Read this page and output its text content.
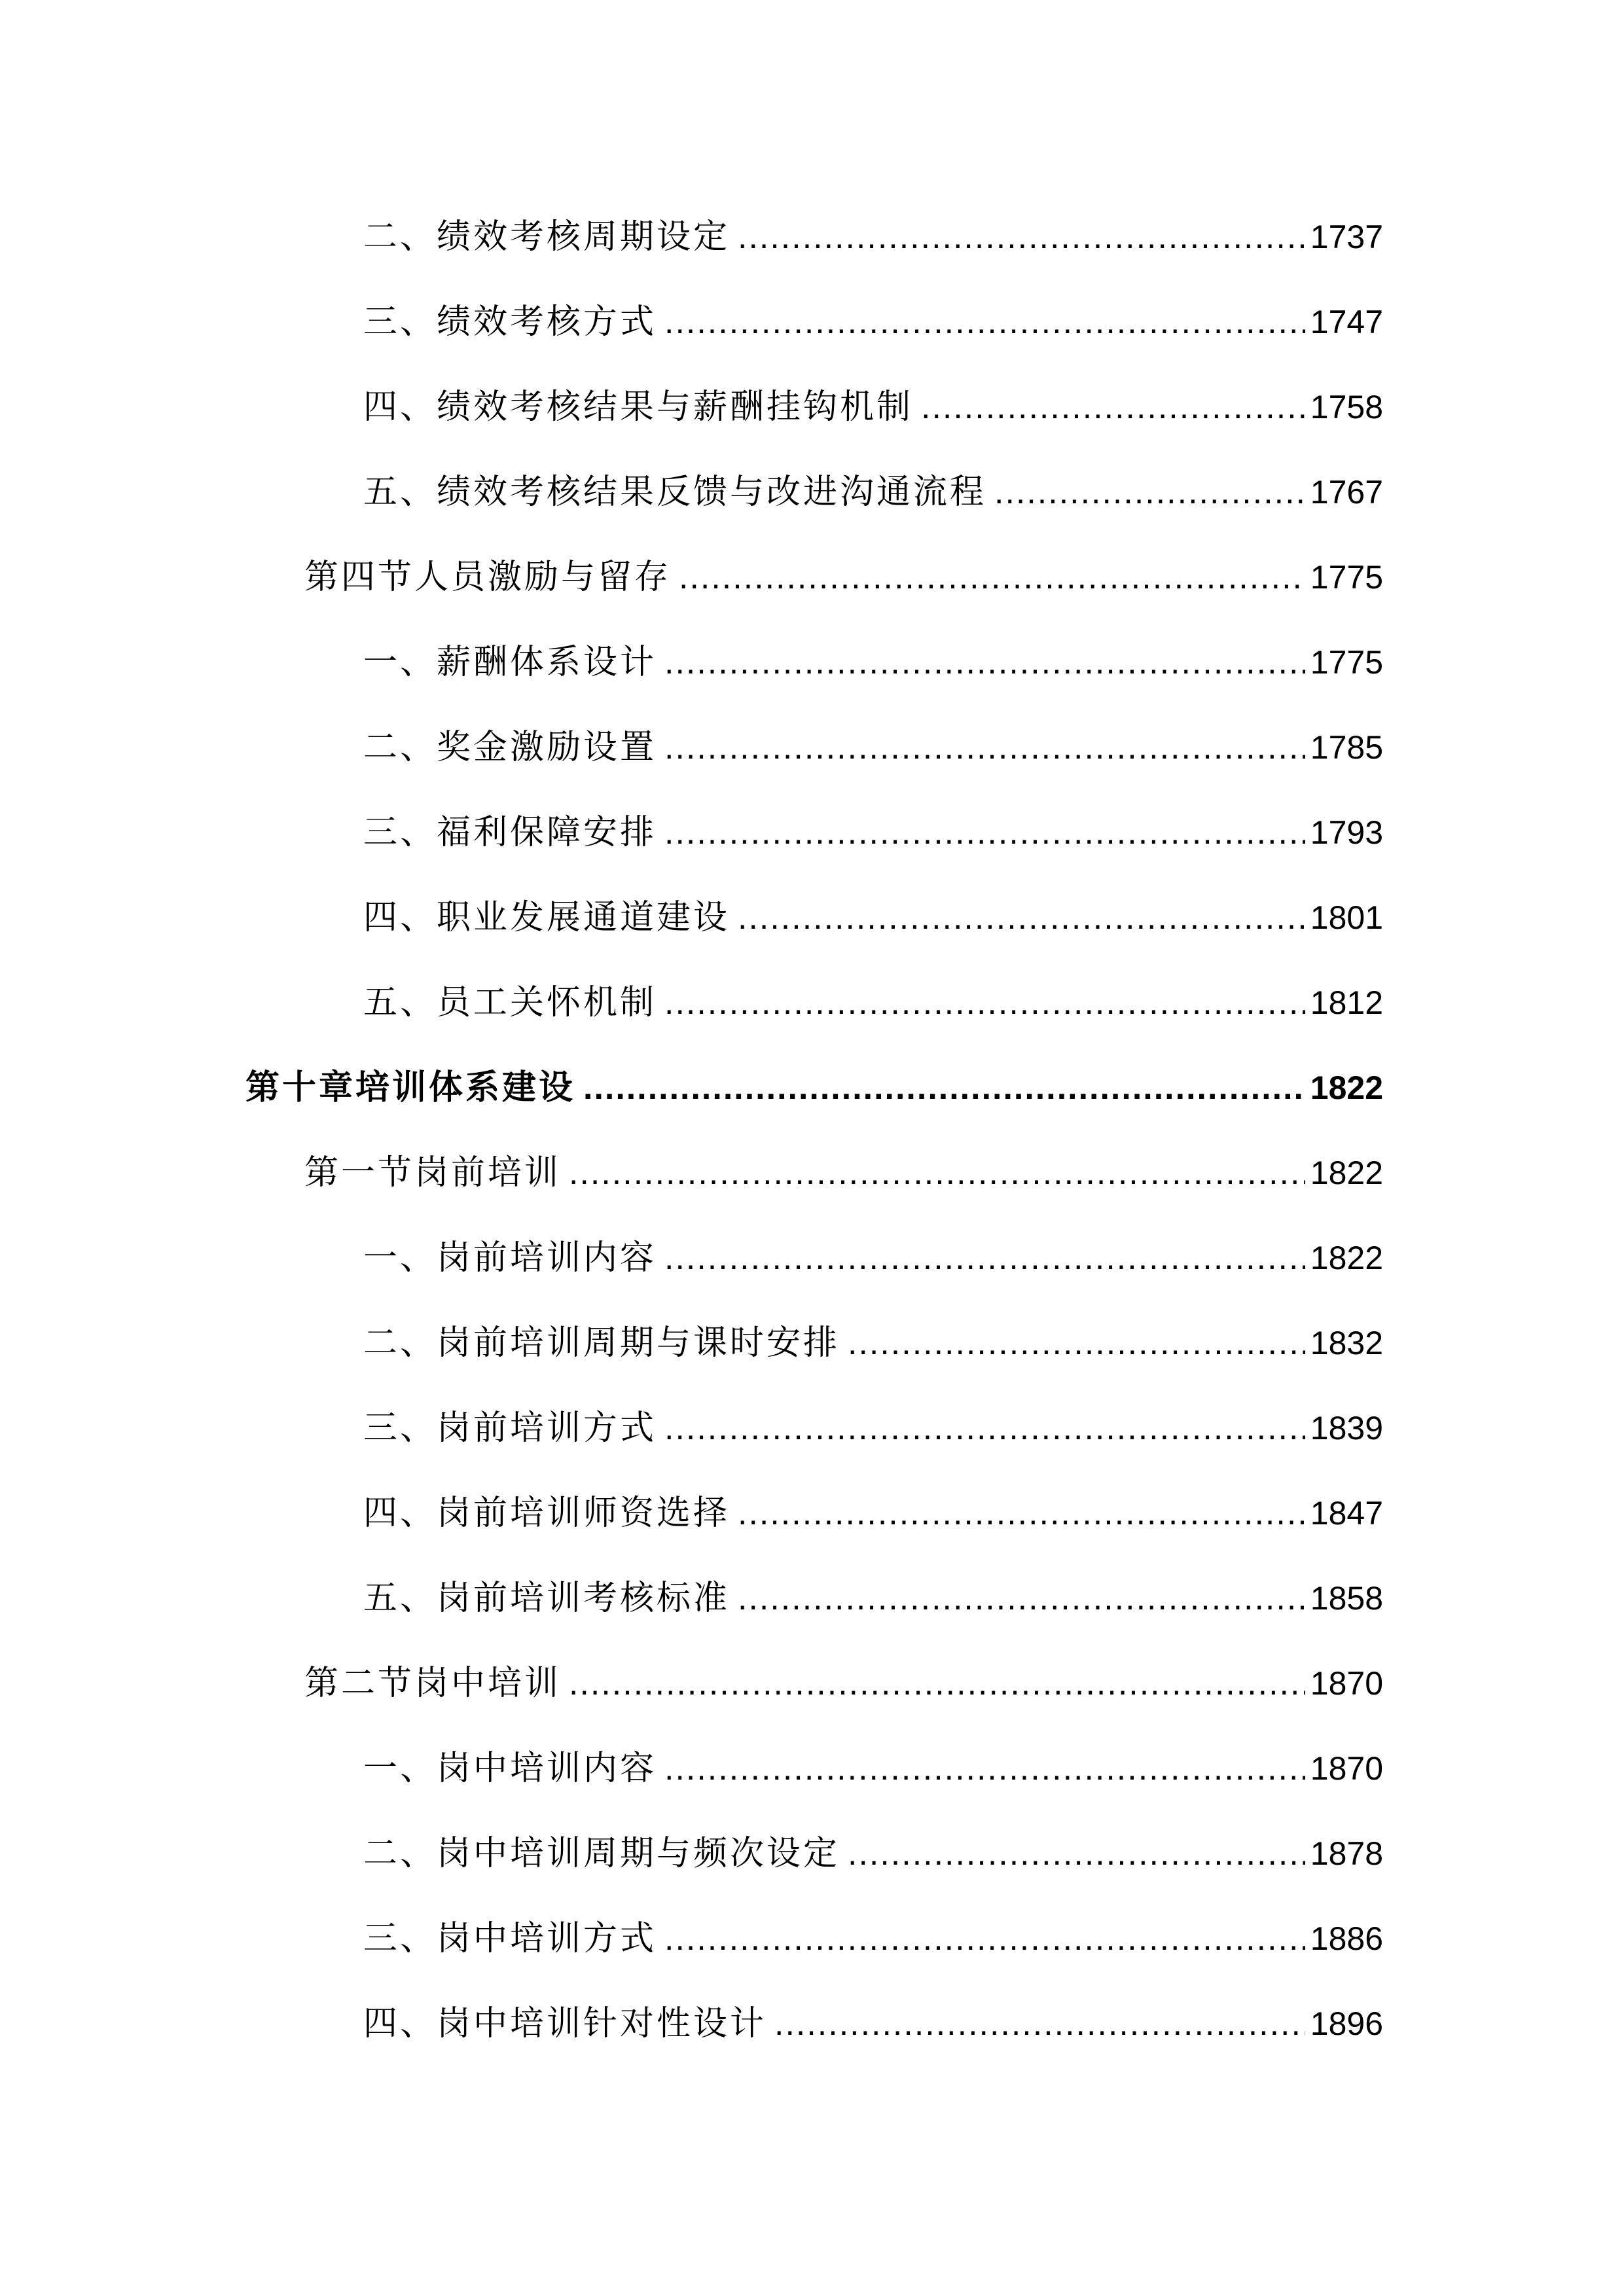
二、绩效考核周期设定 .....	1737
三、绩效考核方式 .....	1747
四、绩效考核结果与薪酬挂钩机制 .....	1758
五、绩效考核结果反馈与改进沟通流程 .....	1767
第四节人员激励与留存 .....	1775
一、薪酬体系设计 .....	1775
二、奖金激励设置 .....	1785
三、福利保障安排 .....	1793
四、职业发展通道建设 .....	1801
五、员工关怀机制 .....	1812
第十章培训体系建设 .....	1822
第一节岗前培训 .....	1822
一、岗前培训内容 .....	1822
二、岗前培训周期与课时安排 .....	1832
三、岗前培训方式 .....	1839
四、岗前培训师资选择 .....	1847
五、岗前培训考核标准 .....	1858
第二节岗中培训 .....	1870
一、岗中培训内容 .....	1870
二、岗中培训周期与频次设定 .....	1878
三、岗中培训方式 .....	1886
四、岗中培训针对性设计 .....	1896
